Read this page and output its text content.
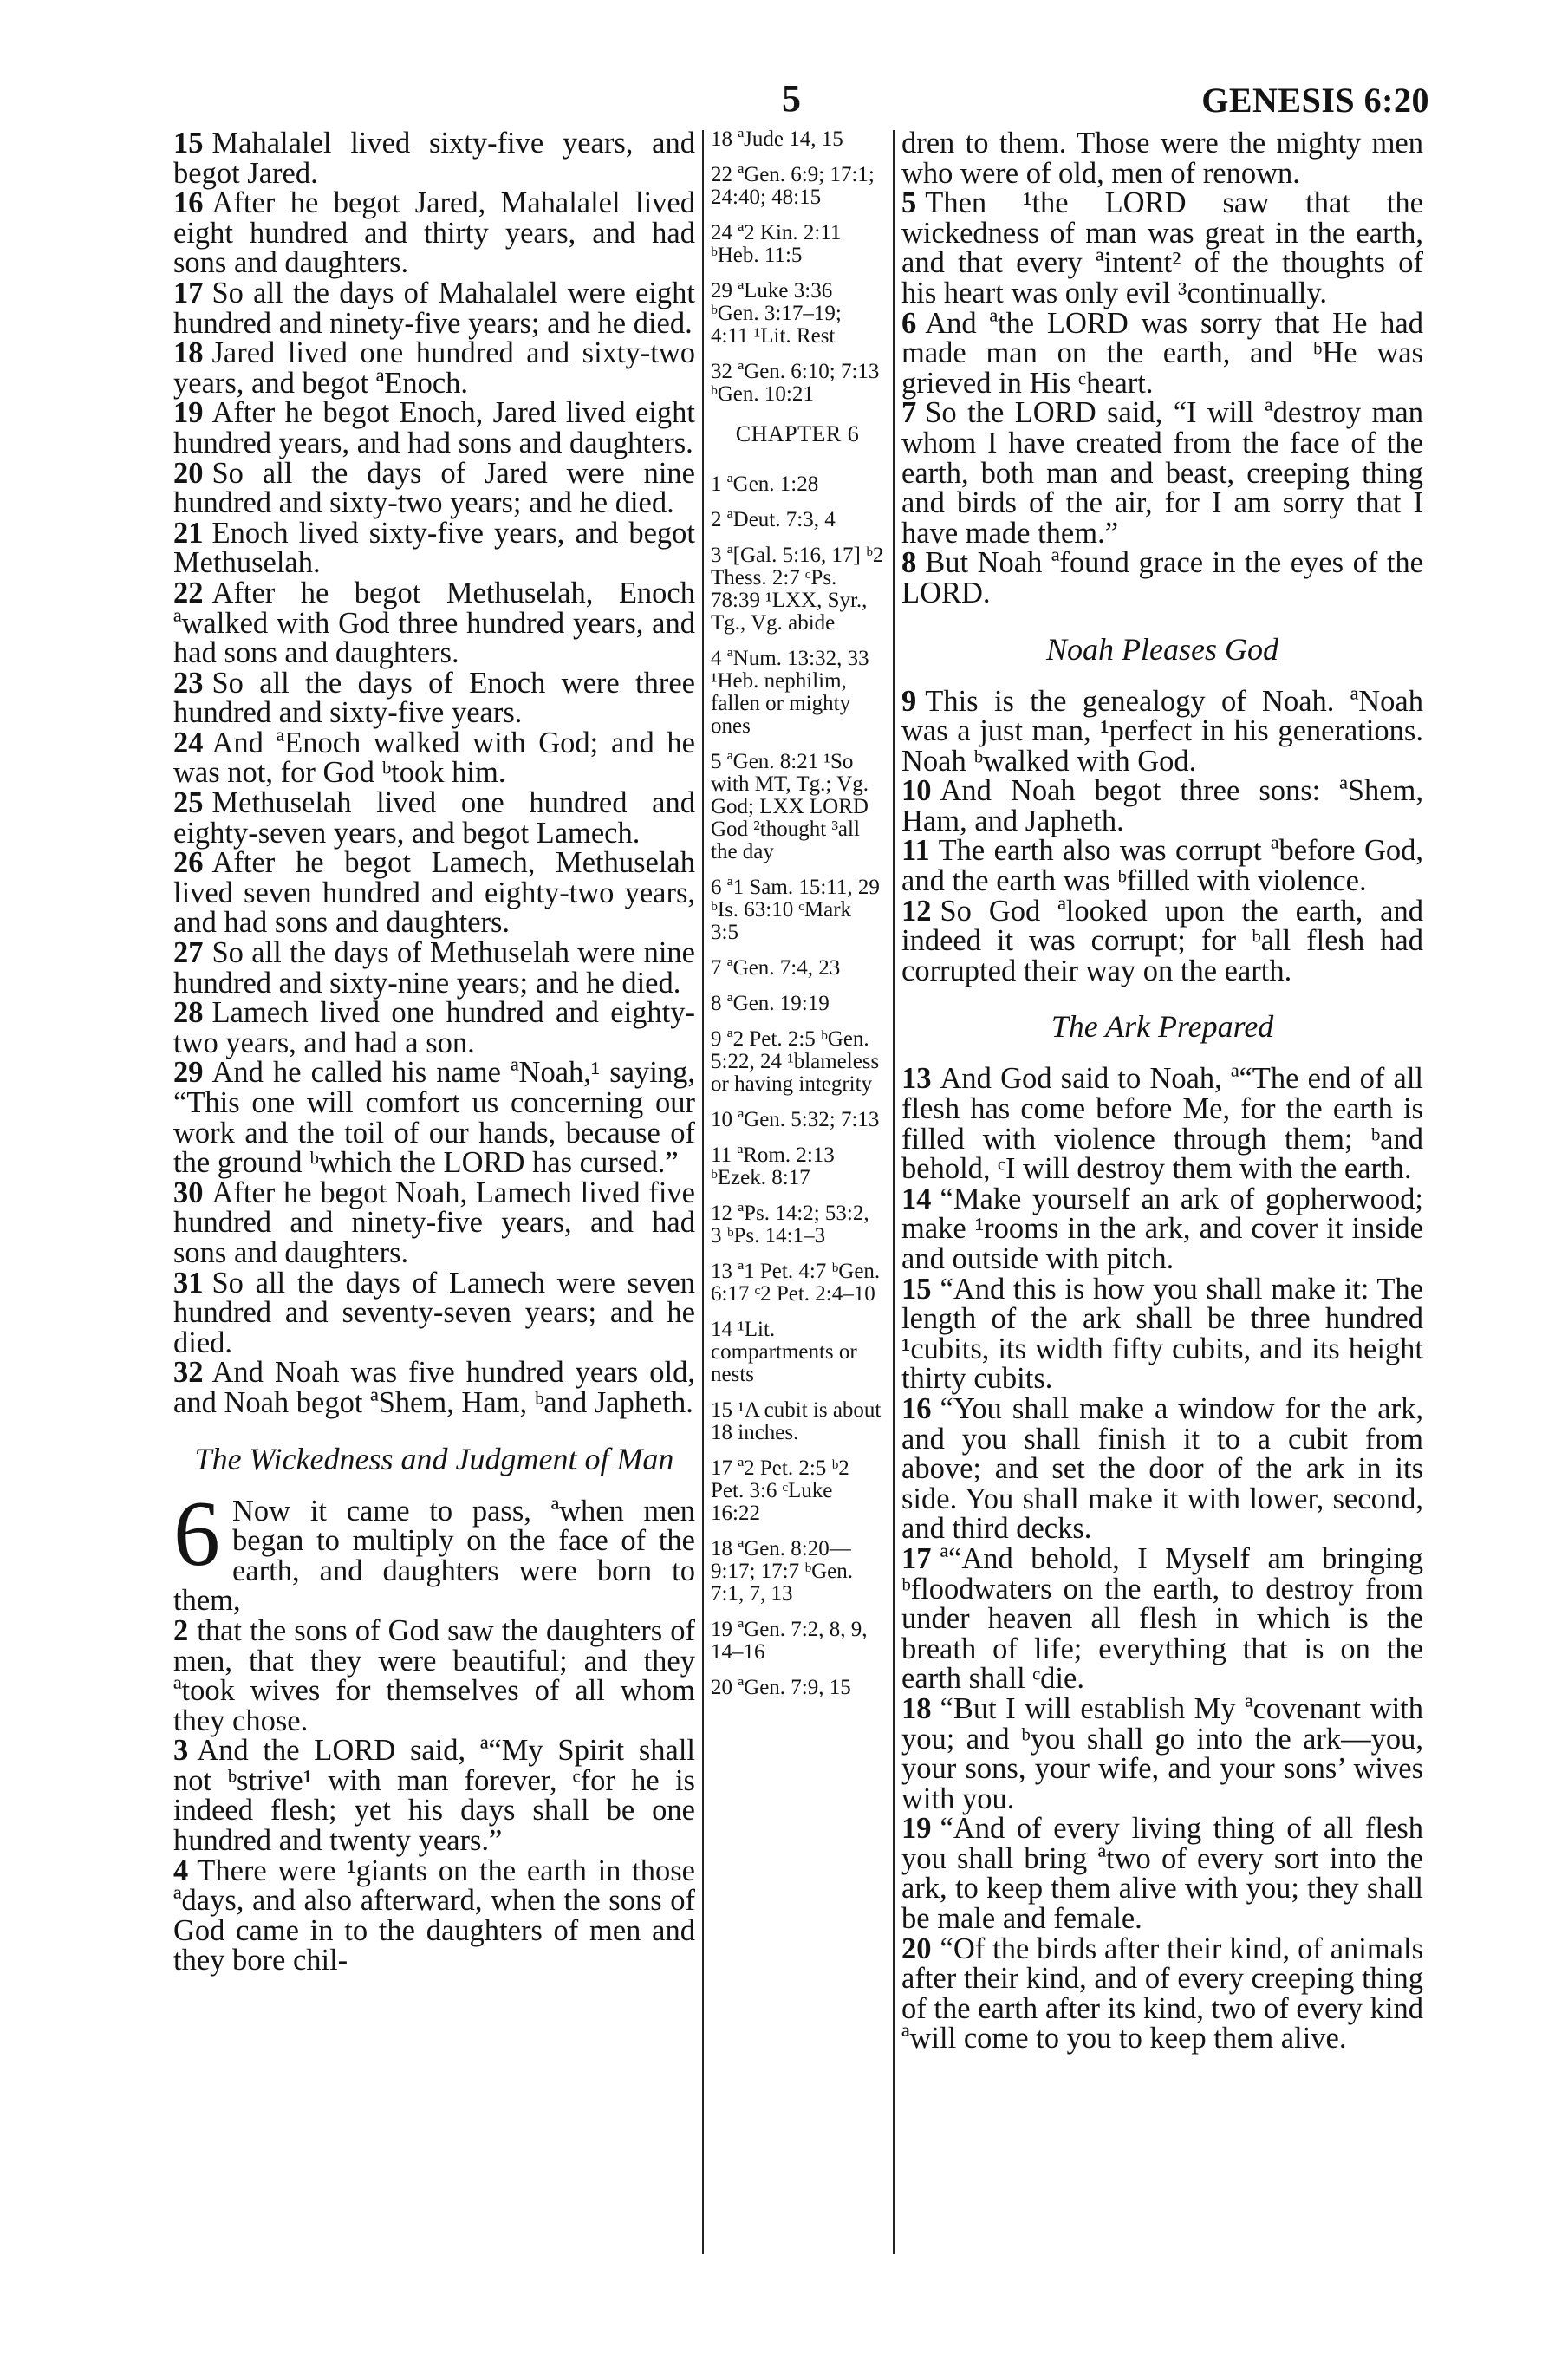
5	GENESIS 6:20

15 Mahalalel lived sixty-five years, and begot Jared.

16 After he begot Jared, Mahalalel lived eight hundred and thirty years, and had sons and daughters.

17 So all the days of Mahalalel were eight hundred and ninety-five years; and he died.

18 Jared lived one hundred and sixty-two years, and begot ªEnoch.

19 After he begot Enoch, Jared lived eight hundred years, and had sons and daughters.

20 So all the days of Jared were nine hundred and sixty-two years; and he died.

21 Enoch lived sixty-five years, and begot Methuselah.

22 After he begot Methuselah, Enoch ªwalked with God three hundred years, and had sons and daughters.

23 So all the days of Enoch were three hundred and sixty-five years.

24 And ªEnoch walked with God; and he was not, for God ᵇtook him.

25 Methuselah lived one hundred and eighty-seven years, and begot Lamech.

26 After he begot Lamech, Methuselah lived seven hundred and eighty-two years, and had sons and daughters.

27 So all the days of Methuselah were nine hundred and sixty-nine years; and he died.

28 Lamech lived one hundred and eighty-two years, and had a son.

29 And he called his name ªNoah,¹ saying, “This one will comfort us concerning our work and the toil of our hands, because of the ground ᵇwhich the LORD has cursed.”

30 After he begot Noah, Lamech lived five hundred and ninety-five years, and had sons and daughters.

31 So all the days of Lamech were seven hundred and seventy-seven years; and he died.

32 And Noah was five hundred years old, and Noah begot ªShem, Ham, ᵇand Japheth.

The Wickedness and Judgment of Man

6 Now it came to pass, ªwhen men began to multiply on the face of the earth, and daughters were born to them,

2 that the sons of God saw the daughters of men, that they were beautiful; and they ªtook wives for themselves of all whom they chose.

3 And the LORD said, ª“My Spirit shall not ᵇstrive¹ with man forever, ᶜfor he is indeed flesh; yet his days shall be one hundred and twenty years.”

4 There were ¹giants on the earth in those ªdays, and also afterward, when the sons of God came in to the daughters of men and they bore chil-

18 ªJude 14, 15
22 ªGen. 6:9; 17:1; 24:40; 48:15
24 ª2 Kin. 2:11 ᵇHeb. 11:5
29 ªLuke 3:36 ᵇGen. 3:17–19; 4:11 ¹Lit. Rest
32 ªGen. 6:10; 7:13 ᵇGen. 10:21
CHAPTER 6
1 ªGen. 1:28
2 ªDeut. 7:3, 4
3 ª[Gal. 5:16, 17] ᵇ2 Thess. 2:7 ᶜPs. 78:39 ¹LXX, Syr., Tg., Vg. abide
4 ªNum. 13:32, 33 ¹Heb. nephilim, fallen or mighty ones
5 ªGen. 8:21 ¹So with MT, Tg.; Vg. God; LXX LORD God ²thought ³all the day
6 ª1 Sam. 15:11, 29 ᵇIs. 63:10 ᶜMark 3:5
7 ªGen. 7:4, 23
8 ªGen. 19:19
9 ª2 Pet. 2:5 ᵇGen. 5:22, 24 ¹blameless or having integrity
10 ªGen. 5:32; 7:13
11 ªRom. 2:13 ᵇEzek. 8:17
12 ªPs. 14:2; 53:2, 3 ᵇPs. 14:1–3
13 ª1 Pet. 4:7 ᵇGen. 6:17 ᶜ2 Pet. 2:4–10
14 ¹Lit. compartments or nests
15 ¹A cubit is about 18 inches.
17 ª2 Pet. 2:5 ᵇ2 Pet. 3:6 ᶜLuke 16:22
18 ªGen. 8:20—9:17; 17:7 ᵇGen. 7:1, 7, 13
19 ªGen. 7:2, 8, 9, 14–16
20 ªGen. 7:9, 15

dren to them. Those were the mighty men who were of old, men of renown.

5 Then ¹the LORD saw that the wickedness of man was great in the earth, and that every ªintent² of the thoughts of his heart was only evil ³continually.

6 And ªthe LORD was sorry that He had made man on the earth, and ᵇHe was grieved in His ᶜheart.

7 So the LORD said, “I will ªdestroy man whom I have created from the face of the earth, both man and beast, creeping thing and birds of the air, for I am sorry that I have made them.”

8 But Noah ªfound grace in the eyes of the LORD.

Noah Pleases God

9 This is the genealogy of Noah. ªNoah was a just man, ¹perfect in his generations. Noah ᵇwalked with God.

10 And Noah begot three sons: ªShem, Ham, and Japheth.

11 The earth also was corrupt ªbefore God, and the earth was ᵇfilled with violence.

12 So God ªlooked upon the earth, and indeed it was corrupt; for ᵇall flesh had corrupted their way on the earth.

The Ark Prepared

13 And God said to Noah, ª“The end of all flesh has come before Me, for the earth is filled with violence through them; ᵇand behold, ᶜI will destroy them with the earth.

14 “Make yourself an ark of gopherwood; make ¹rooms in the ark, and cover it inside and outside with pitch.

15 “And this is how you shall make it: The length of the ark shall be three hundred ¹cubits, its width fifty cubits, and its height thirty cubits.

16 “You shall make a window for the ark, and you shall finish it to a cubit from above; and set the door of the ark in its side. You shall make it with lower, second, and third decks.

17 ª“And behold, I Myself am bringing ᵇfloodwaters on the earth, to destroy from under heaven all flesh in which is the breath of life; everything that is on the earth shall ᶜdie.

18 “But I will establish My ªcovenant with you; and ᵇyou shall go into the ark—you, your sons, your wife, and your sons’ wives with you.

19 “And of every living thing of all flesh you shall bring ªtwo of every sort into the ark, to keep them alive with you; they shall be male and female.

20 “Of the birds after their kind, of animals after their kind, and of every creeping thing of the earth after its kind, two of every kind ªwill come to you to keep them alive.
